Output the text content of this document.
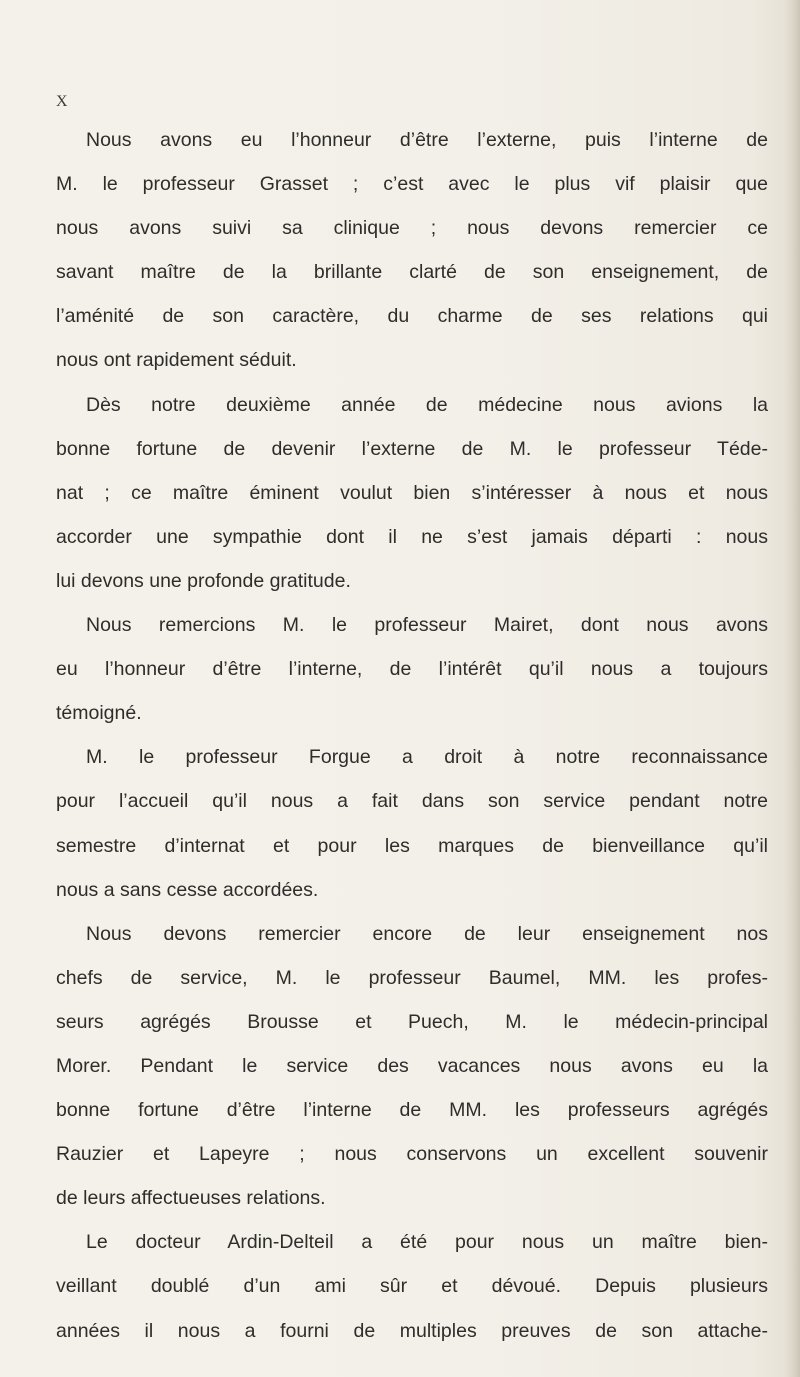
X
Nous avons eu l’honneur d’être l’externe, puis l’interne de
M. le professeur Grasset ; c’est avec le plus vif plaisir que
nous avons suivi sa clinique ; nous devons remercier ce
savant maître de la brillante clarté de son enseignement, de
l’aménité de son caractère, du charme de ses relations qui
nous ont rapidement séduit.
Dès notre deuxième année de médecine nous avions la
bonne fortune de devenir l’externe de M. le professeur Téde-
nat ; ce maître éminent voulut bien s’intéresser à nous et nous
accorder une sympathie dont il ne s’est jamais départi : nous
lui devons une profonde gratitude.
Nous remercions M. le professeur Mairet, dont nous avons
eu l’honneur d’être l’interne, de l’intérêt qu’il nous a toujours
témoigné.
M. le professeur Forgue a droit à notre reconnaissance
pour l’accueil qu’il nous a fait dans son service pendant notre
semestre d’internat et pour les marques de bienveillance qu’il
nous a sans cesse accordées.
Nous devons remercier encore de leur enseignement nos
chefs de service, M. le professeur Baumel, MM. les profes-
seurs agrégés Brousse et Puech, M. le médecin-principal
Morer. Pendant le service des vacances nous avons eu la
bonne fortune d’être l’interne de MM. les professeurs agrégés
Rauzier et Lapeyre ; nous conservons un excellent souvenir
de leurs affectueuses relations.
Le docteur Ardin-Delteil a été pour nous un maître bien-
veillant doublé d’un ami sûr et dévoué. Depuis plusieurs
années il nous a fourni de multiples preuves de son attache-
